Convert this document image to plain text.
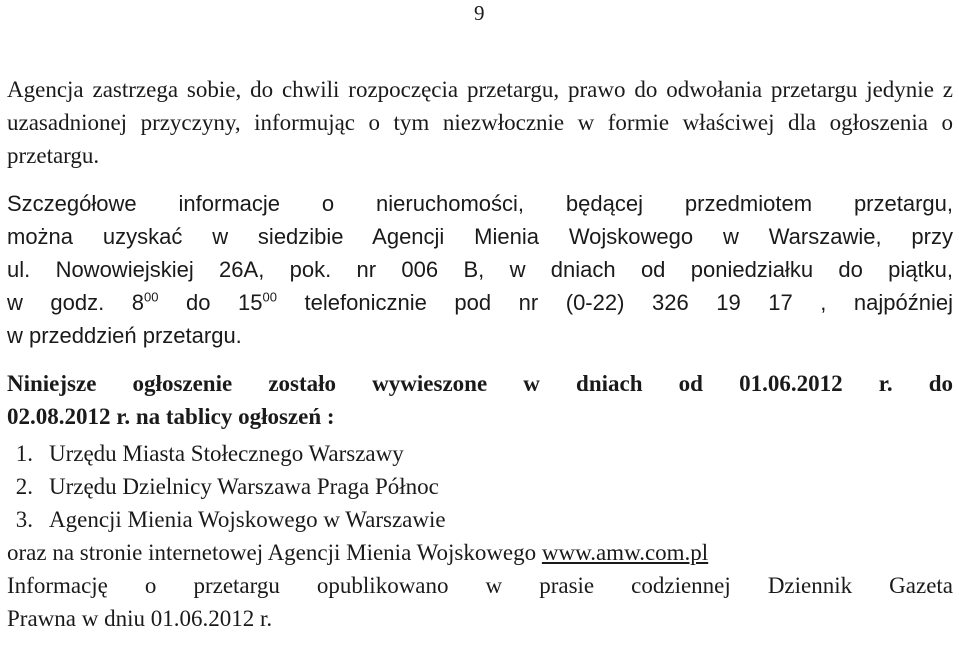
9

Agencja zastrzega sobie, do chwili rozpoczęcia przetargu, prawo do odwołania przetargu jedynie z uzasadnionej przyczyny, informując o tym niezwłocznie w formie właściwej dla ogłoszenia o przetargu.

Szczegółowe informacje o nieruchomości, będącej przedmiotem przetargu,
można uzyskać w siedzibie Agencji Mienia Wojskowego w Warszawie, przy
ul. Nowowiejskiej 26A, pok. nr 006 B, w dniach od poniedziałku do piątku,
w godz. $8^{00}$ do $15^{00}$ telefonicznie pod nr (0-22) 326 19 17 , najpóźniej
w przeddzień przetargu.
Niniejsze ogłoszenie zostało wywieszone w dniach od 01.06.2012 r. do
02.08.2012 r. na tablicy ogłoszeń :
1. Urzędu Miasta Stołecznego Warszawy
2. Urzędu Dzielnicy Warszawa Praga Północ
3. Agencji Mienia Wojskowego w Warszawie
oraz na stronie internetowej Agencji Mienia Wojskowego www.amw.com.pl
Informację o przetargu opublikowano w prasie codziennej Dziennik Gazeta
Prawna w dniu 01.06.2012 r.
